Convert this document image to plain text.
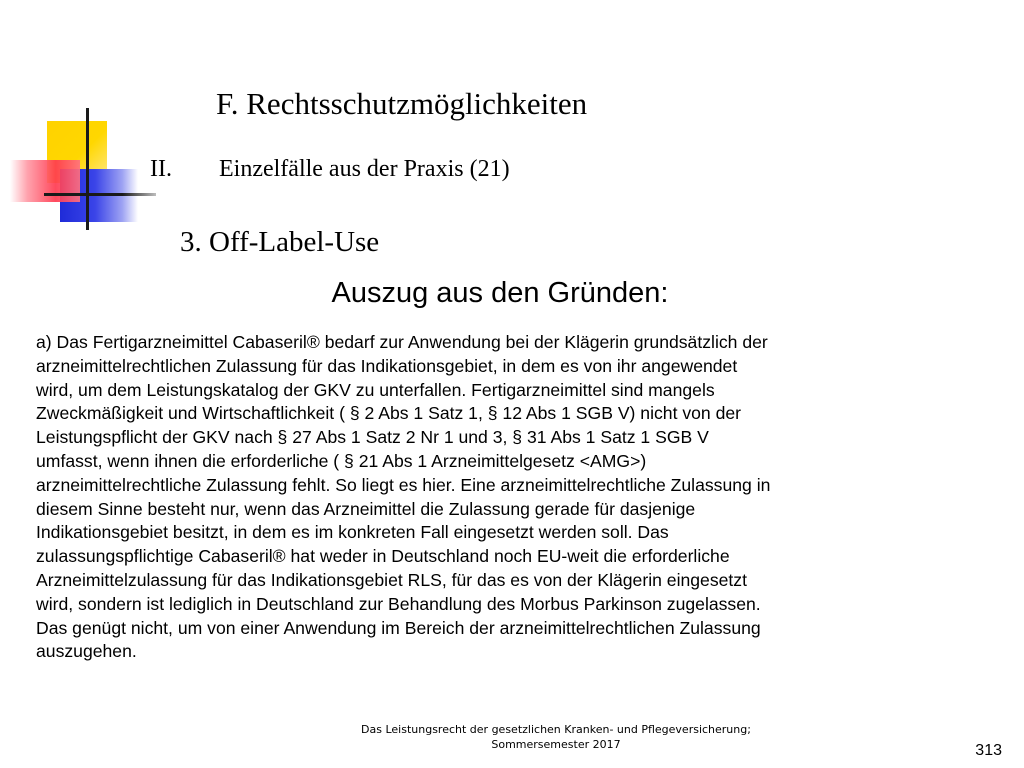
F. Rechtsschutzmöglichkeiten
II. Einzelfälle aus der Praxis (21)
3. Off-Label-Use
Auszug aus den Gründen:
a) Das Fertigarzneimittel Cabaseril® bedarf zur Anwendung bei der Klägerin grundsätzlich der
arzneimittelrechtlichen Zulassung für das Indikationsgebiet, in dem es von ihr angewendet
wird, um dem Leistungskatalog der GKV zu unterfallen. Fertigarzneimittel sind mangels
Zweckmäßigkeit und Wirtschaftlichkeit ( § 2 Abs 1 Satz 1, § 12 Abs 1 SGB V) nicht von der
Leistungspflicht der GKV nach § 27 Abs 1 Satz 2 Nr 1 und 3, § 31 Abs 1 Satz 1 SGB V
umfasst, wenn ihnen die erforderliche ( § 21 Abs 1 Arzneimittelgesetz <AMG>)
arzneimittelrechtliche Zulassung fehlt. So liegt es hier. Eine arzneimittelrechtliche Zulassung in
diesem Sinne besteht nur, wenn das Arzneimittel die Zulassung gerade für dasjenige
Indikationsgebiet besitzt, in dem es im konkreten Fall eingesetzt werden soll. Das
zulassungspflichtige Cabaseril® hat weder in Deutschland noch EU-weit die erforderliche
Arzneimittelzulassung für das Indikationsgebiet RLS, für das es von der Klägerin eingesetzt
wird, sondern ist lediglich in Deutschland zur Behandlung des Morbus Parkinson zugelassen.
Das genügt nicht, um von einer Anwendung im Bereich der arzneimittelrechtlichen Zulassung
auszugehen.
Das Leistungsrecht der gesetzlichen Kranken- und Pflegeversicherung;
Sommersemester 2017	313
